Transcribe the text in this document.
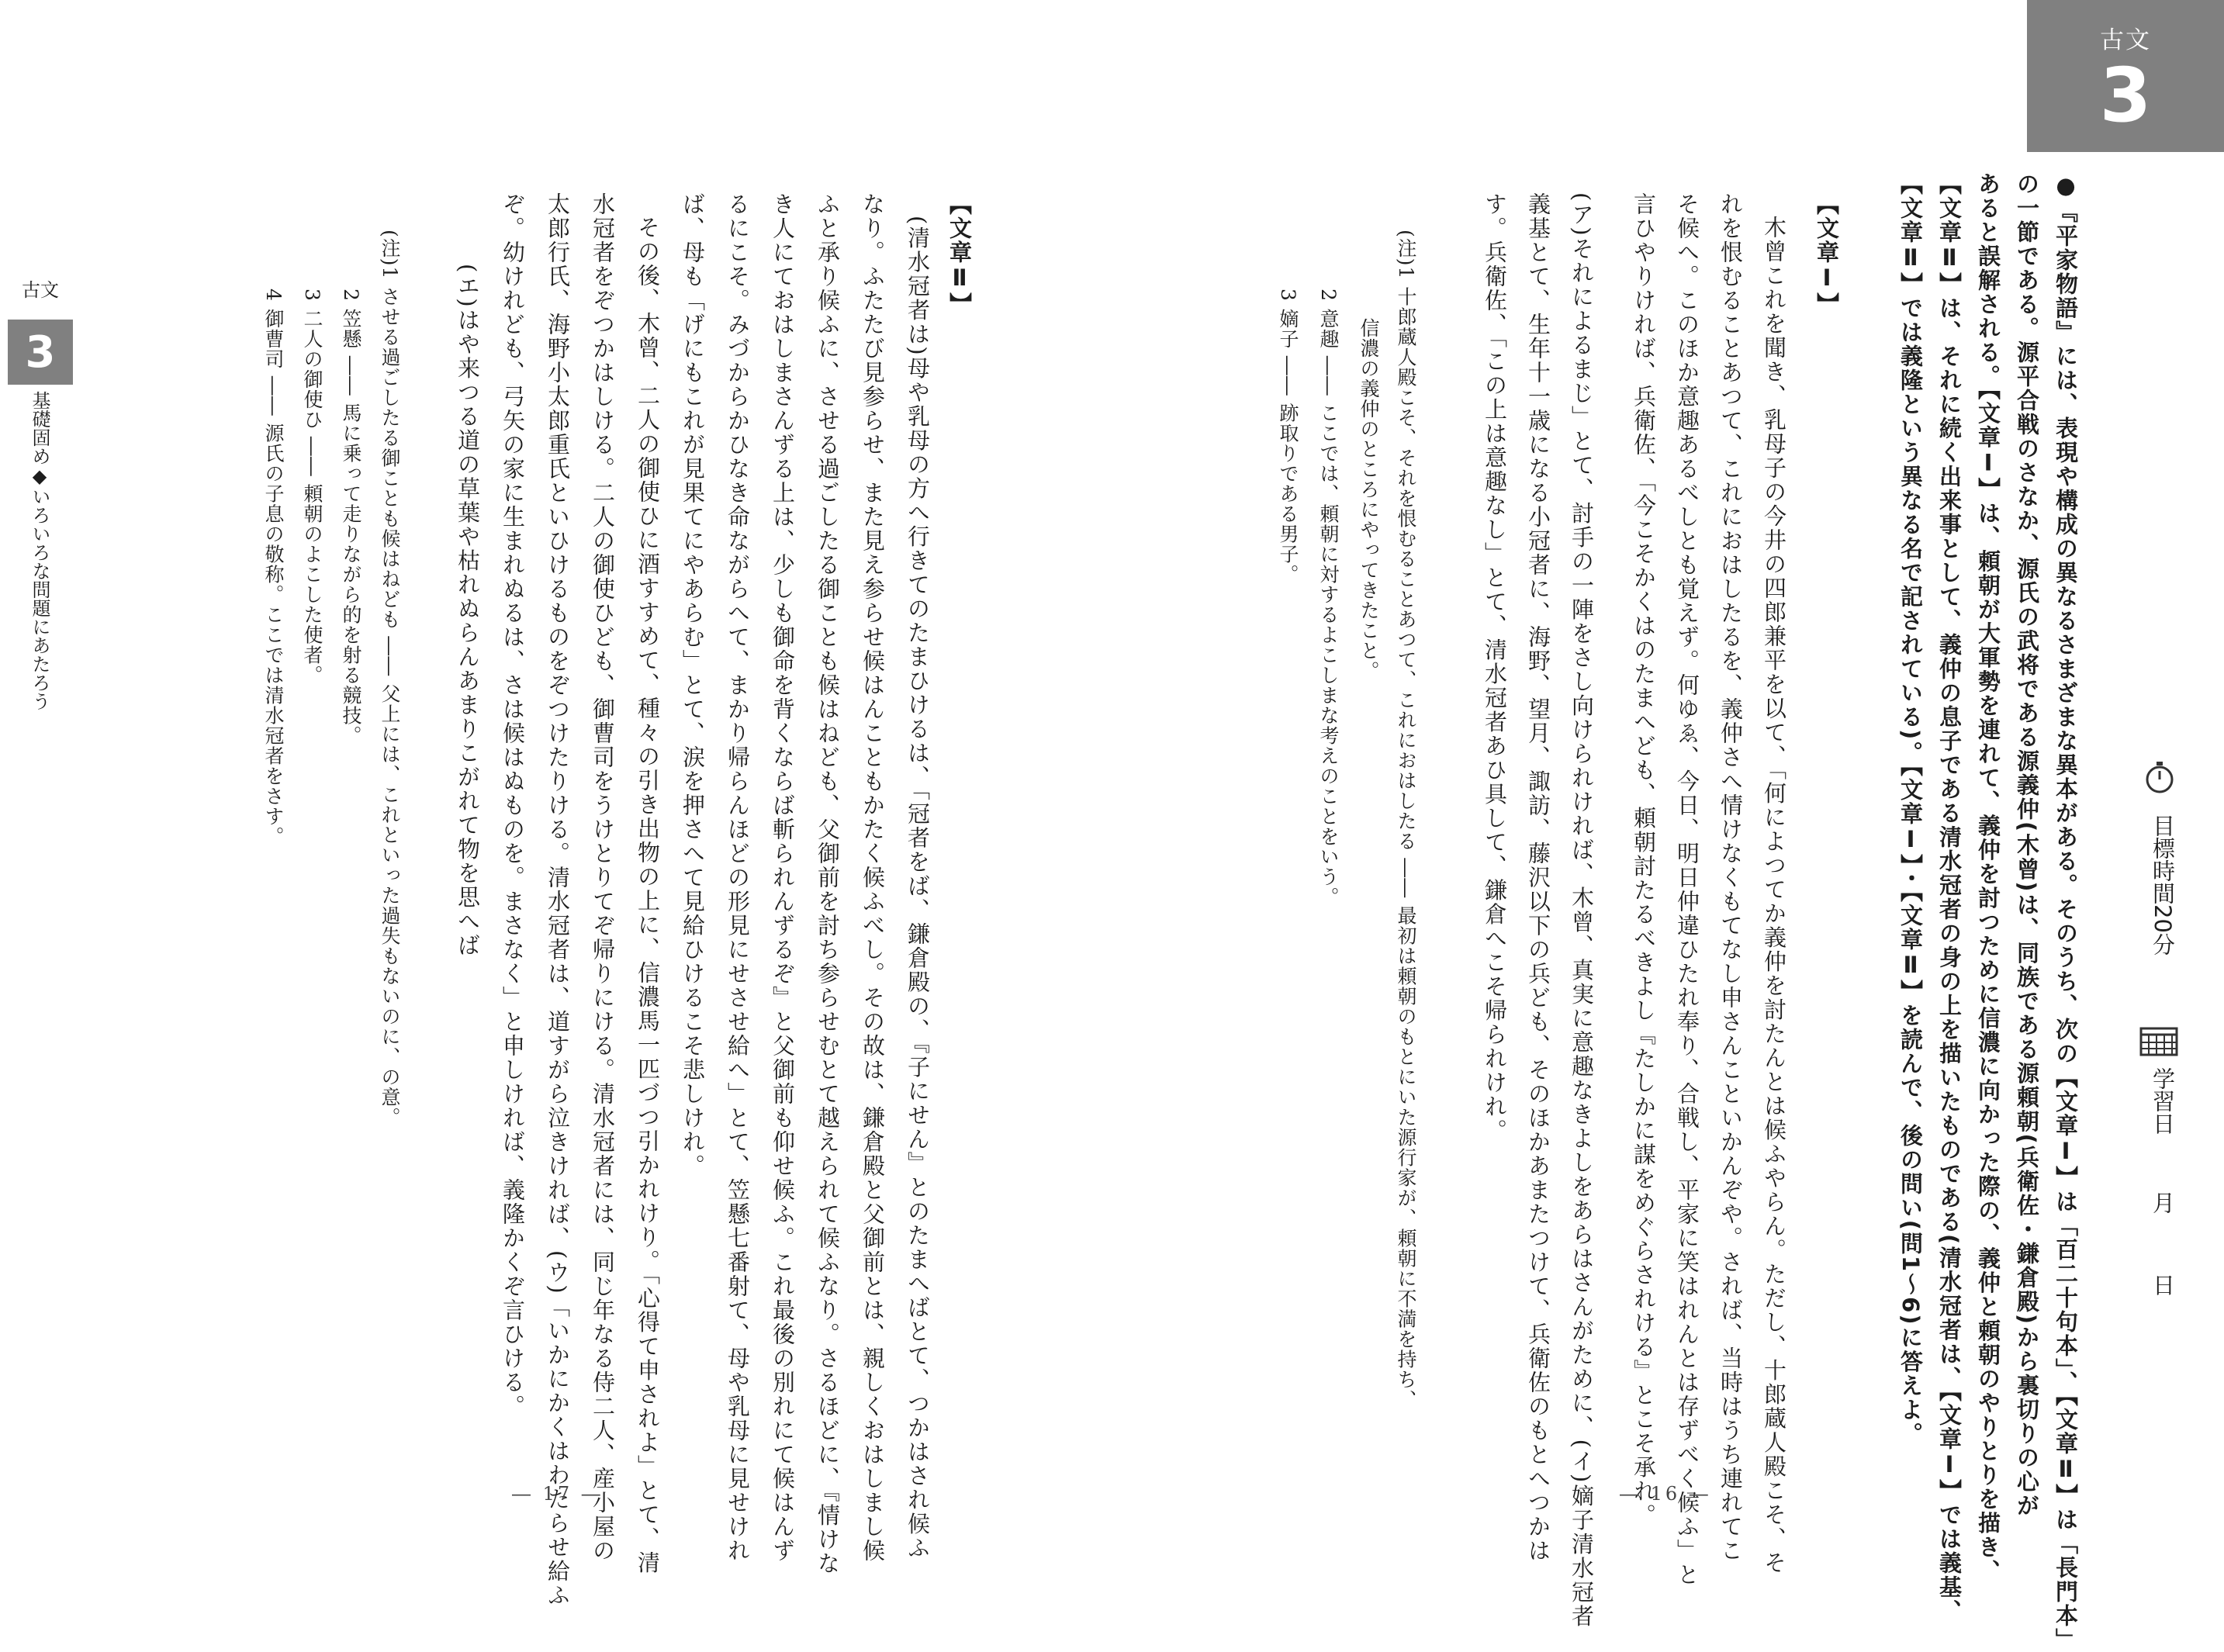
古文
3
目標時間20分
学習日
月
日
●『平家物語』には、表現や構成の異なるさまざまな異本がある。そのうち、次の【文章Ⅰ】は「百二十句本」、【文章Ⅱ】は「長門本」
の一節である。源平合戦のさなか、源氏の武将である源義仲(木曾)は、同族である源頼朝(兵衛佐・鎌倉殿)から裏切りの心が
あると誤解される。【文章Ⅰ】は、頼朝が大軍勢を連れて、義仲を討つために信濃に向かった際の、義仲と頼朝のやりとりを描き、
【文章Ⅱ】は、それに続く出来事として、義仲の息子である清水冠者の身の上を描いたものである(清水冠者は、【文章Ⅰ】では義基、
【文章Ⅱ】では義隆という異なる名で記されている)。【文章Ⅰ】・【文章Ⅱ】を読んで、後の問い(問1〜6)に答えよ。
【文章Ⅰ】
木曾これを聞き、乳母子の今井の四郎兼平を以て、「何によつてか義仲を討たんとは候ふやらん。ただし、十郎蔵人殿こそ、そ
れを恨むることあつて、これにおはしたるを、義仲さへ情けなくもてなし申さんこといかんぞや。されば、当時はうち連れてこ
そ候へ。このほか意趣あるべしとも覚えず。何ゆゑ、今日、明日仲違ひたれ奉り、合戦し、平家に笑はれんとは存ずべく候ふ」と
言ひやりければ、兵衛佐、「今こそかくはのたまへども、頼朝討たるべきよし『たしかに謀をめぐらされける』とこそ承れ。
(ア)それによるまじ」とて、討手の一陣をさし向けられければ、木曾、真実に意趣なきよしをあらはさんがために、(イ)嫡子清水冠者
義基とて、生年十一歳になる小冠者に、海野、望月、諏訪、藤沢以下の兵ども、そのほかあまたつけて、兵衛佐のもとへつかは
す。兵衛佐、「この上は意趣なし」とて、清水冠者あひ具して、鎌倉へこそ帰られけれ。
(注)1 十郎蔵人殿こそ、それを恨むることあつて、これにおはしたる ―― 最初は頼朝のもとにいた源行家が、頼朝に不満を持ち、
信濃の義仲のところにやってきたこと。
2 意趣 ―― ここでは、頼朝に対するよこしまな考えのことをいう。
3 嫡子 ―― 跡取りである男子。
【文章Ⅱ】
(清水冠者は)母や乳母の方へ行きてのたまひけるは、「冠者をば、鎌倉殿の、『子にせん』とのたまへばとて、つかはされ候ふ
なり。ふたたび見参らせ、また見え参らせ候はんこともかたく候ふべし。その故は、鎌倉殿と父御前とは、親しくおはしまし候
ふと承り候ふに、させる過ごしたる御ことも候はねども、父御前を討ち参らせむとて越えられて候ふなり。さるほどに、『情けな
き人にておはしまさんずる上は、少しも御命を背くならば斬られんずるぞ』と父御前も仰せ候ふ。これ最後の別れにて候はんず
るにこそ。みづからかひなき命ながらへて、まかり帰らんほどの形見にせさせ給へ」とて、笠懸七番射て、母や乳母に見せけれ
ば、母も「げにもこれが見果てにやあらむ」とて、涙を押さへて見給ひけるこそ悲しけれ。
その後、木曾、二人の御使ひに酒すすめて、種々の引き出物の上に、信濃馬一匹づつ引かれけり。「心得て申されよ」とて、清
水冠者をぞつかはしける。二人の御使ひども、御曹司をうけとりてぞ帰りにける。清水冠者には、同じ年なる侍二人、産小屋の
太郎行氏、海野小太郎重氏といひけるものをぞつけたりける。清水冠者は、道すがら泣きければ、(ウ)「いかにかくはわたらせ給ふ
ぞ。幼けれども、弓矢の家に生まれぬるは、さは候はぬものを。まさなく」と申しければ、義隆かくぞ言ひける。
(エ)はや来つる道の草葉や枯れぬらんあまりこがれて物を思へば
(注)1 させる過ごしたる御ことも候はねども ―― 父上には、これといった過失もないのに、の意。
2 笠懸 ―― 馬に乗って走りながら的を射る競技。
3 二人の御使ひ ―― 頼朝のよこした使者。
4 御曹司 ―― 源氏の子息の敬称。ここでは清水冠者をさす。
古文
3
基礎固め◆いろいろな問題にあたろう
― 16 ―
― 17 ―
